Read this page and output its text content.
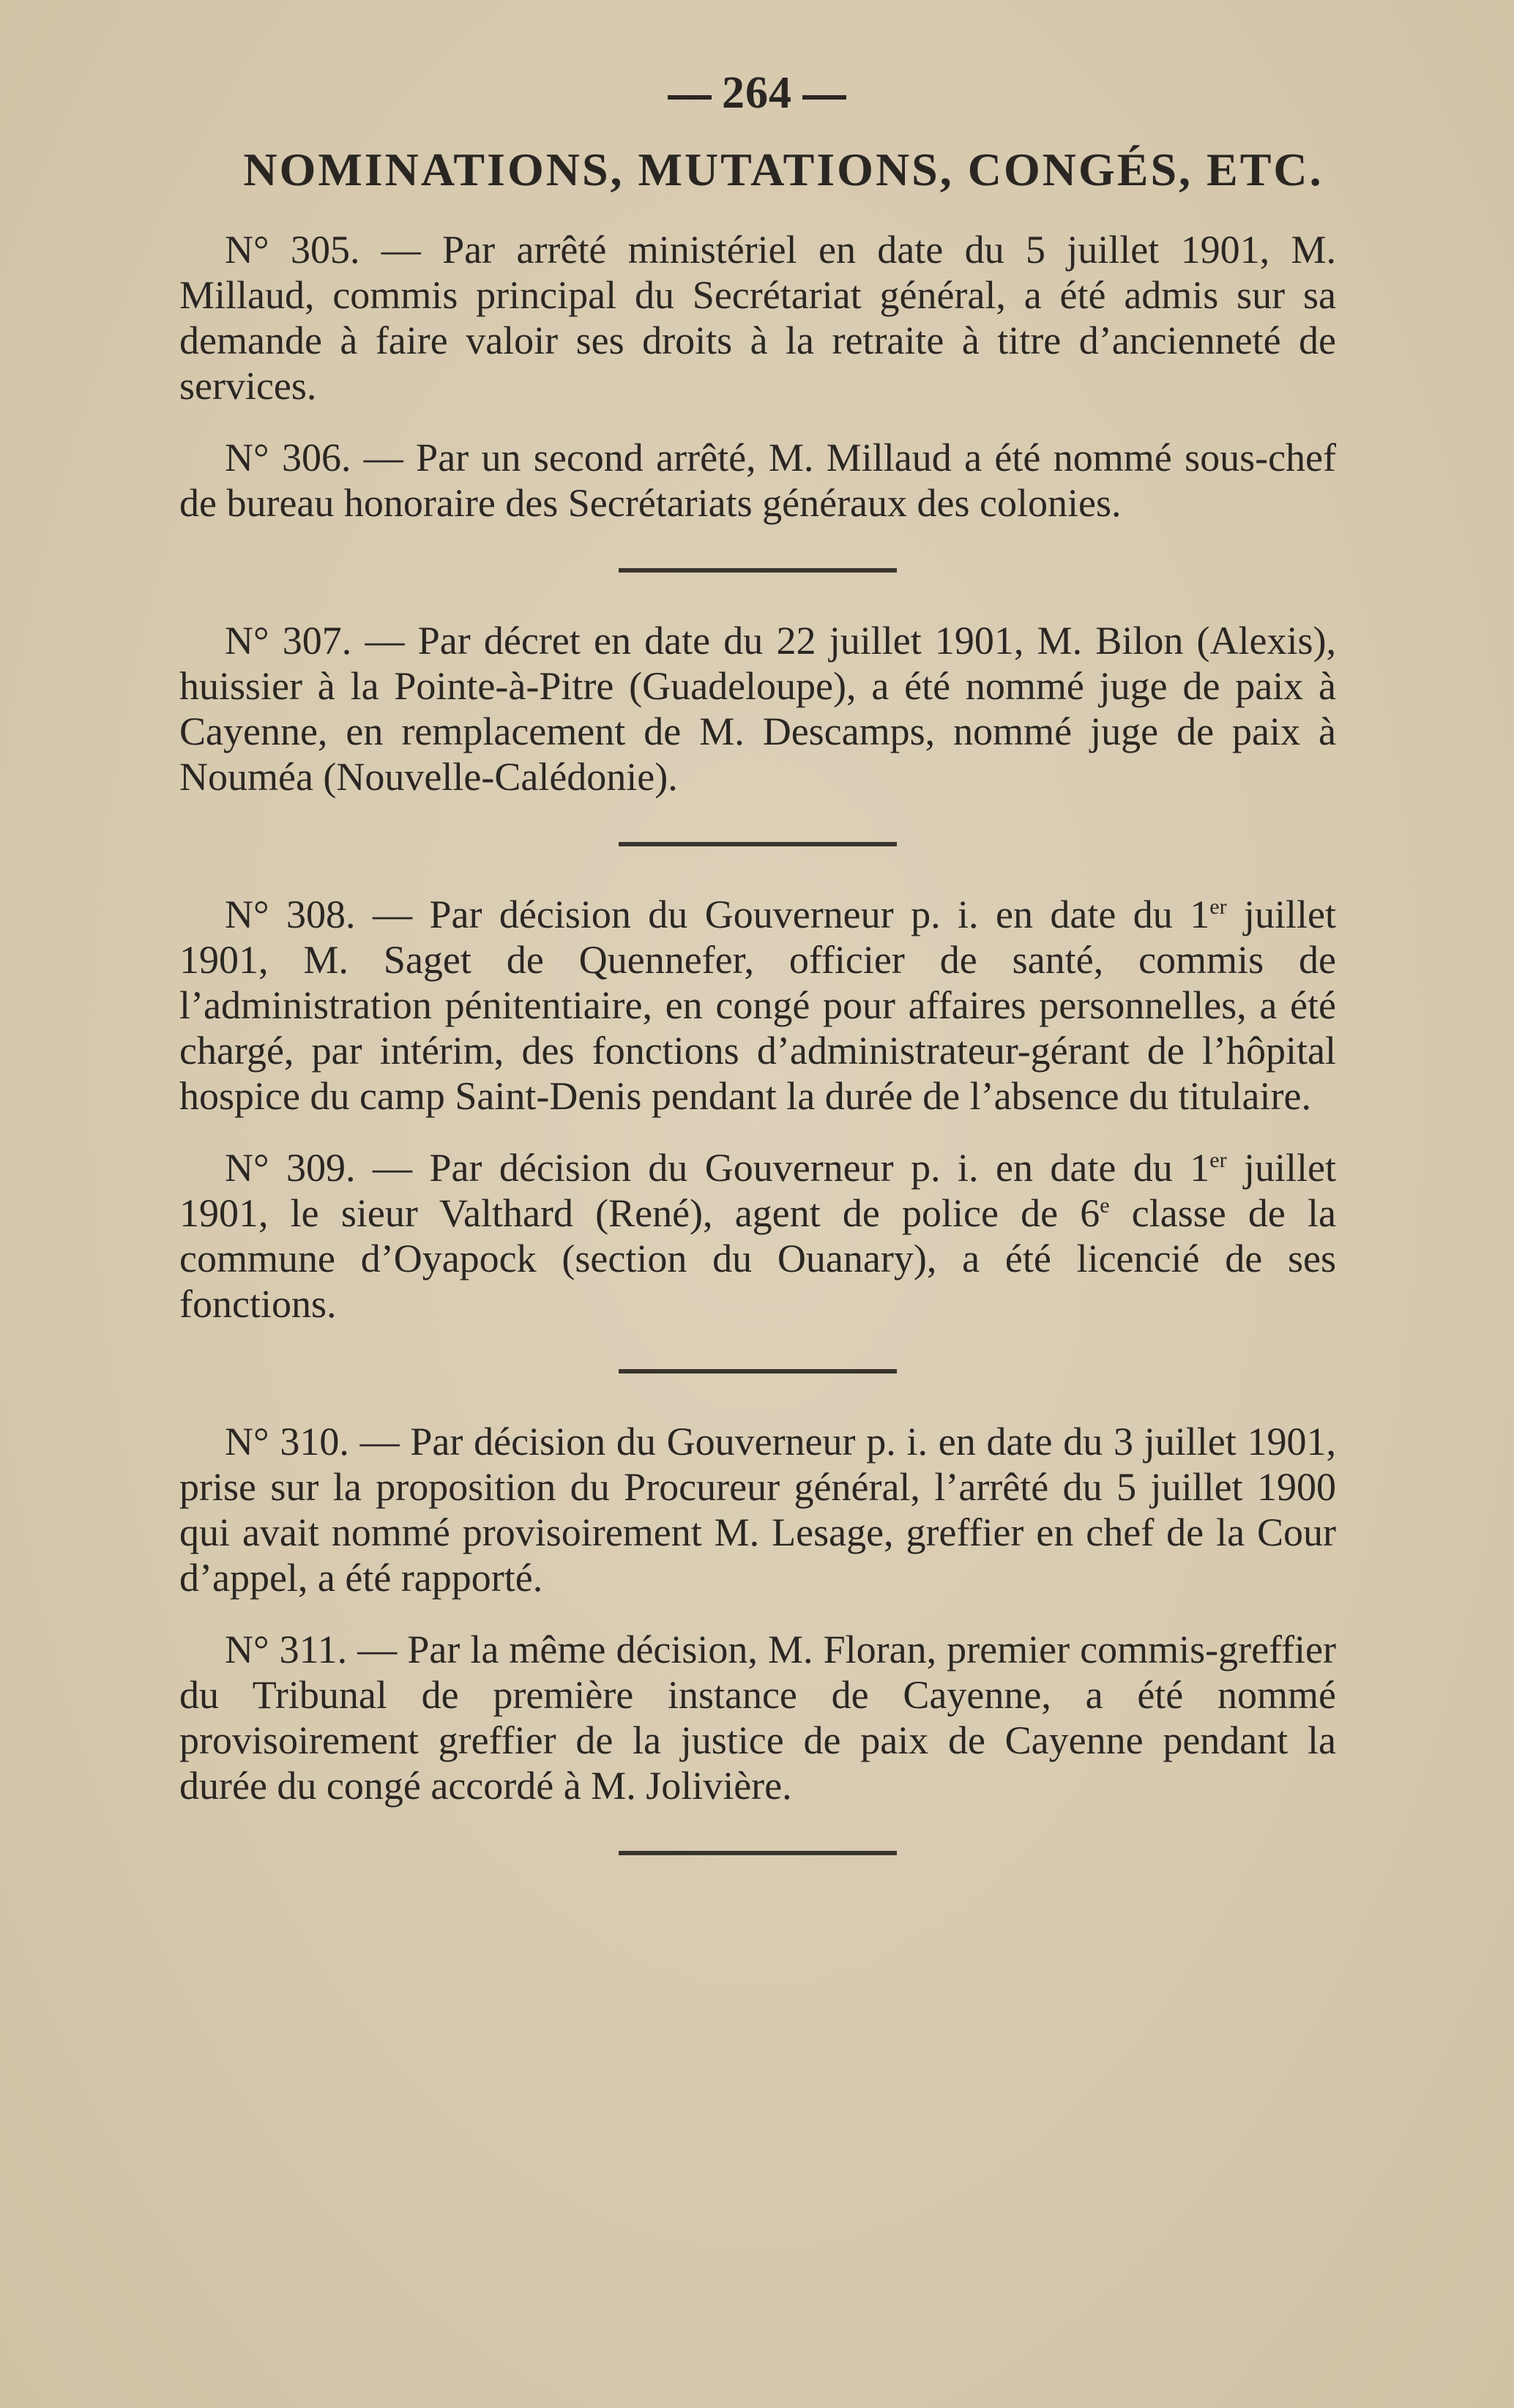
264
NOMINATIONS, MUTATIONS, CONGÉS, ETC.

N° 305. — Par arrêté ministériel en date du 5 juillet 1901, M. Millaud, commis principal du Secrétariat général, a été admis sur sa demande à faire valoir ses droits à la retraite à titre d’ancienneté de services.

N° 306. — Par un second arrêté, M. Millaud a été nommé sous-chef de bureau honoraire des Secrétariats généraux des colonies.

N° 307. — Par décret en date du 22 juillet 1901, M. Bilon (Alexis), huissier à la Pointe-à-Pitre (Guadeloupe), a été nommé juge de paix à Cayenne, en remplacement de M. Descamps, nommé juge de paix à Nouméa (Nouvelle-Calédonie).

N° 308. — Par décision du Gouverneur p. i. en date du 1er juillet 1901, M. Saget de Quennefer, officier de santé, commis de l’administration pénitentiaire, en congé pour affaires personnelles, a été chargé, par intérim, des fonctions d’administrateur-gérant de l’hôpital hospice du camp Saint-Denis pendant la durée de l’absence du titulaire.

N° 309. — Par décision du Gouverneur p. i. en date du 1er juillet 1901, le sieur Valthard (René), agent de police de 6e classe de la commune d’Oyapock (section du Ouanary), a été licencié de ses fonctions.

N° 310. — Par décision du Gouverneur p. i. en date du 3 juillet 1901, prise sur la proposition du Procureur général, l’arrêté du 5 juillet 1900 qui avait nommé provisoirement M. Lesage, greffier en chef de la Cour d’appel, a été rapporté.

N° 311. — Par la même décision, M. Floran, premier commis-greffier du Tribunal de première instance de Cayenne, a été nommé provisoirement greffier de la justice de paix de Cayenne pendant la durée du congé accordé à M. Jolivière.
